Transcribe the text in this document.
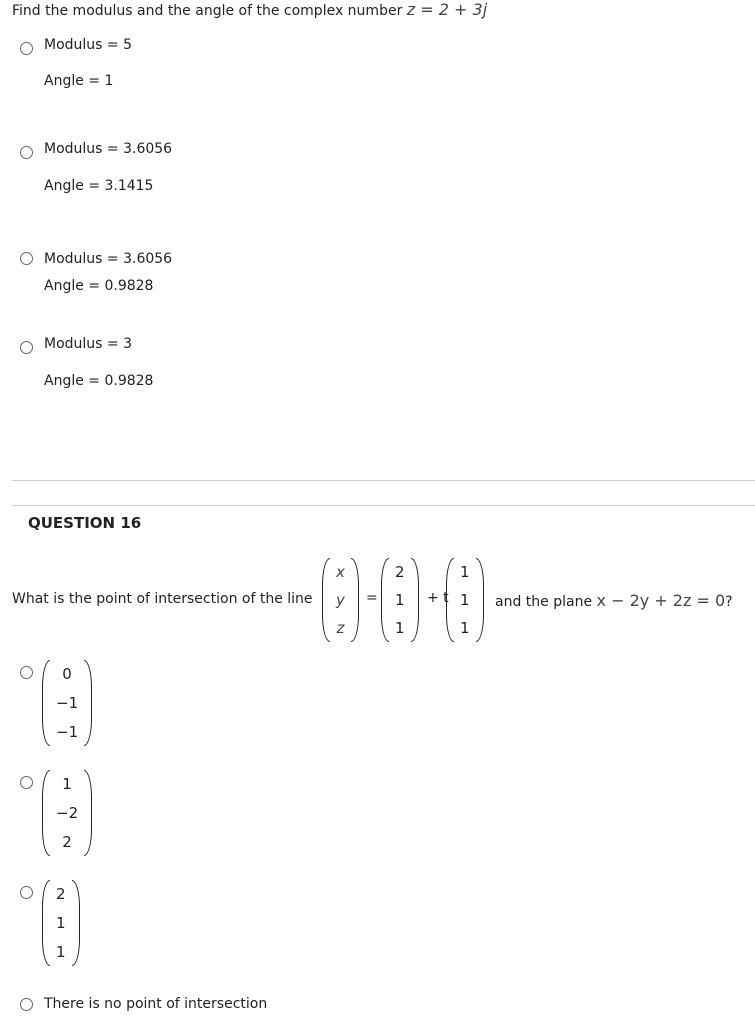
Find the modulus and the angle of the complex number z = 2 + 3j
Modulus = 5
Angle = 1
Modulus = 3.6056
Angle = 3.1415
Modulus = 3.6056
Angle = 0.9828
Modulus = 3
Angle = 0.9828
QUESTION 16
What is the point of intersection of the line
x
y
z
=
2
1
1
+ t
1
1
1
and the plane x − 2y + 2z = 0?
0
−1
−1
1
−2
2
2
1
1
There is no point of intersection
